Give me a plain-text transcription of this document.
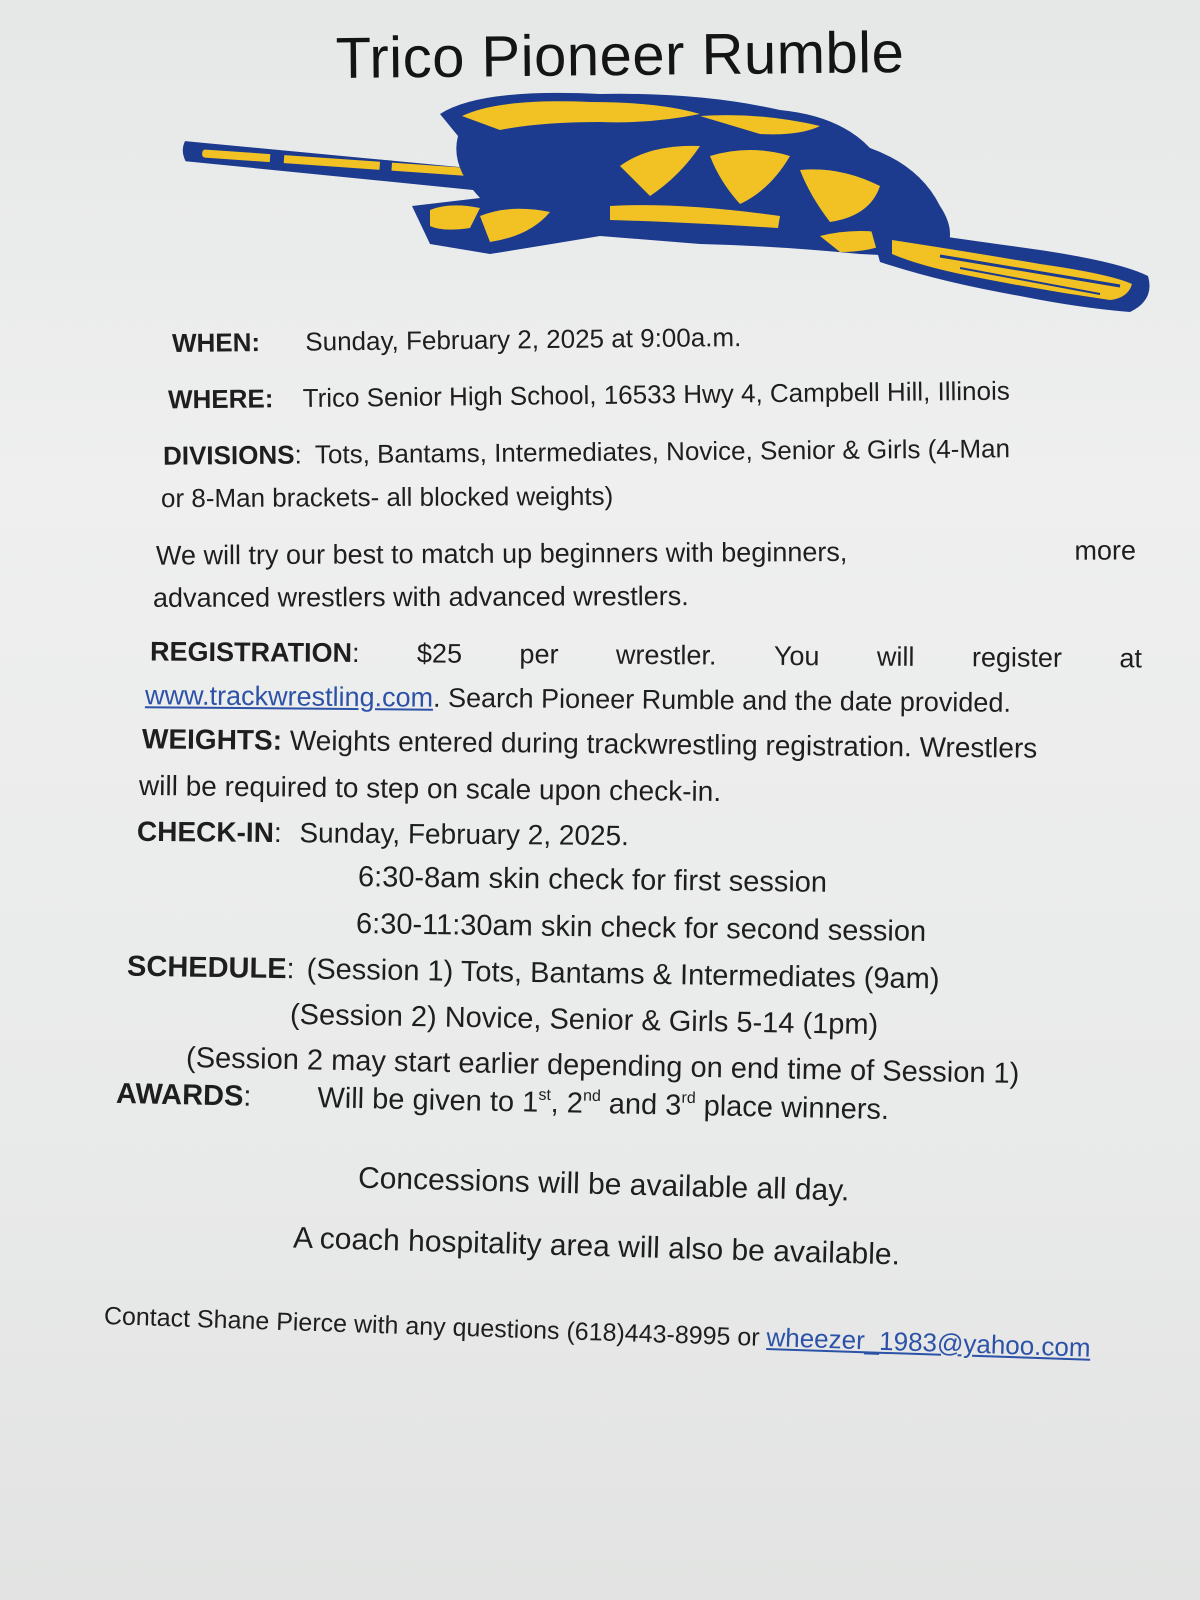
Trico Pioneer Rumble
WHEN: Sunday, February 2, 2025 at 9:00a.m.
WHERE: Trico Senior High School, 16533 Hwy 4, Campbell Hill, Illinois
DIVISIONS: Tots, Bantams, Intermediates, Novice, Senior & Girls (4-Man
or 8-Man brackets- all blocked weights)
We will try our best to match up beginners with beginners,	more
advanced wrestlers with advanced wrestlers.
REGISTRATION: $25 per wrestler. You will register at
www.trackwrestling.com. Search Pioneer Rumble and the date provided.
WEIGHTS: Weights entered during trackwrestling registration. Wrestlers
will be required to step on scale upon check-in.
CHECK-IN: Sunday, February 2, 2025.
6:30-8am skin check for first session
6:30-11:30am skin check for second session
SCHEDULE: (Session 1) Tots, Bantams & Intermediates (9am)
(Session 2) Novice, Senior & Girls 5-14 (1pm)
(Session 2 may start earlier depending on end time of Session 1)
AWARDS: Will be given to 1st, 2nd and 3rd place winners.
Concessions will be available all day.
A coach hospitality area will also be available.
Contact Shane Pierce with any questions (618)443-8995 or wheezer_1983@yahoo.com
